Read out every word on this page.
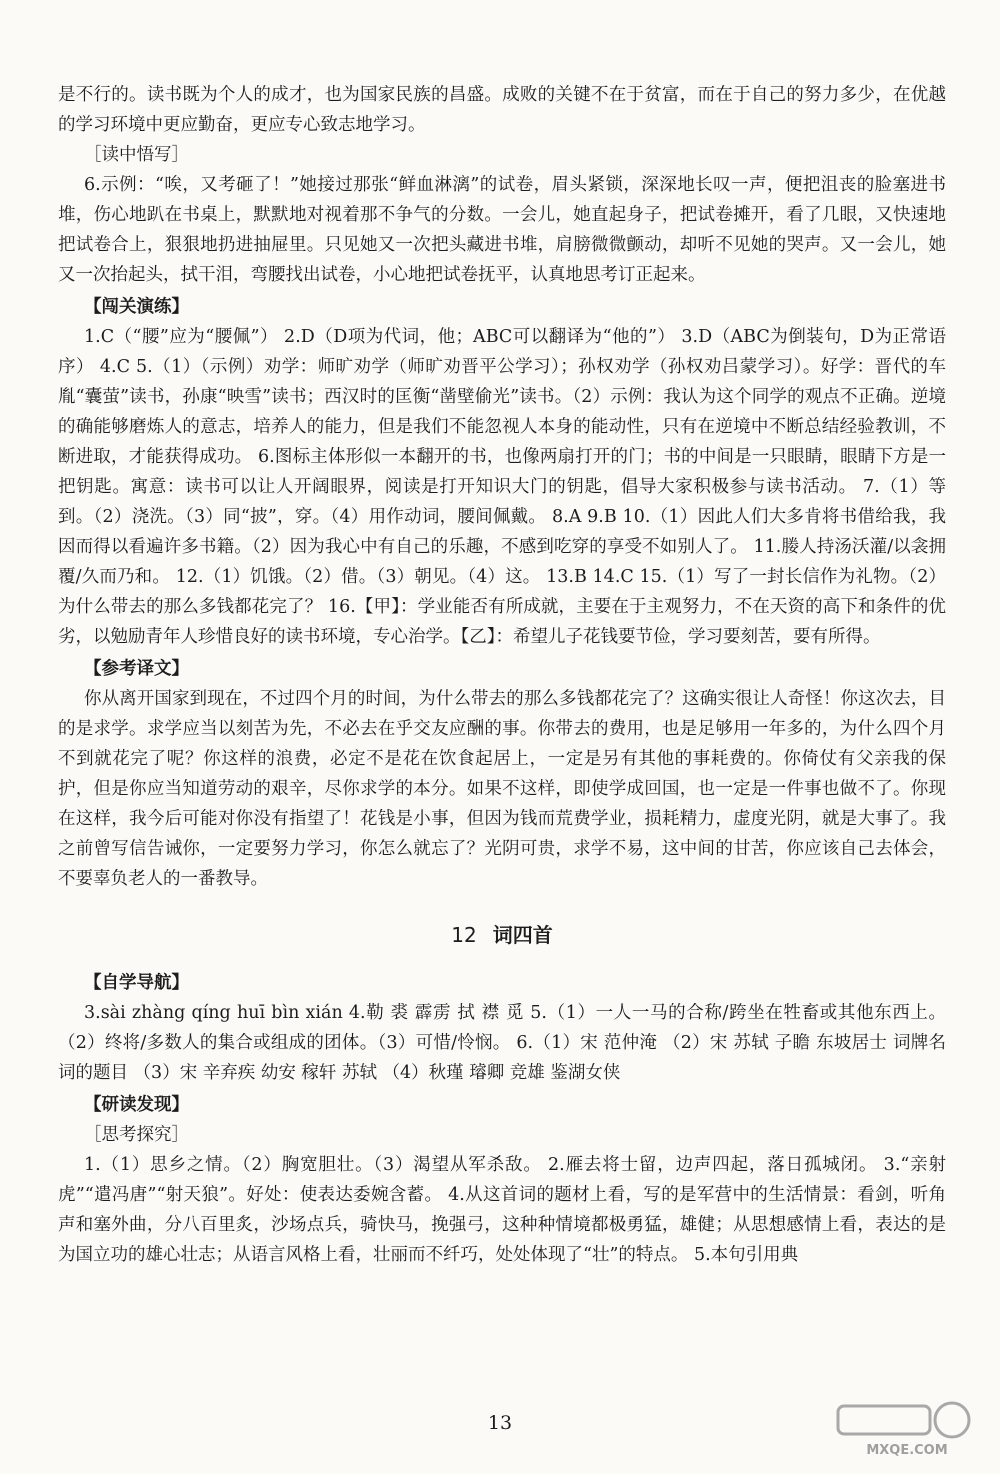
是不行的。读书既为个人的成才，也为国家民族的昌盛。成败的关键不在于贫富，而在于自己的努力多少，在优越的学习环境中更应勤奋，更应专心致志地学习。

［读中悟写］

6.示例：“唉，又考砸了！”她接过那张“鲜血淋漓”的试卷，眉头紧锁，深深地长叹一声，便把沮丧的脸塞进书堆，伤心地趴在书桌上，默默地对视着那不争气的分数。一会儿，她直起身子，把试卷摊开，看了几眼，又快速地把试卷合上，狠狠地扔进抽屉里。只见她又一次把头藏进书堆，肩膀微微颤动，却听不见她的哭声。又一会儿，她又一次抬起头，拭干泪，弯腰找出试卷，小心地把试卷抚平，认真地思考订正起来。

【闯关演练】

1.C（“腰”应为“腰佩”） 2.D（D项为代词，他；ABC可以翻译为“他的”） 3.D（ABC为倒装句，D为正常语序） 4.C 5.（1）（示例）劝学：师旷劝学（师旷劝晋平公学习）；孙权劝学（孙权劝吕蒙学习）。好学：晋代的车胤“囊萤”读书，孙康“映雪”读书；西汉时的匡衡“凿壁偷光”读书。（2）示例：我认为这个同学的观点不正确。逆境的确能够磨炼人的意志，培养人的能力，但是我们不能忽视人本身的能动性，只有在逆境中不断总结经验教训，不断进取，才能获得成功。 6.图标主体形似一本翻开的书，也像两扇打开的门；书的中间是一只眼睛，眼睛下方是一把钥匙。寓意：读书可以让人开阔眼界，阅读是打开知识大门的钥匙，倡导大家积极参与读书活动。 7.（1）等到。（2）浇洗。（3）同“披”，穿。（4）用作动词，腰间佩戴。 8.A 9.B 10.（1）因此人们大多肯将书借给我，我因而得以看遍许多书籍。（2）因为我心中有自己的乐趣，不感到吃穿的享受不如别人了。 11.媵人持汤沃灌/以衾拥覆/久而乃和。 12.（1）饥饿。（2）借。（3）朝见。（4）这。 13.B 14.C 15.（1）写了一封长信作为礼物。（2）为什么带去的那么多钱都花完了？ 16.【甲】：学业能否有所成就，主要在于主观努力，不在天资的高下和条件的优劣，以勉励青年人珍惜良好的读书环境，专心治学。【乙】：希望儿子花钱要节俭，学习要刻苦，要有所得。

【参考译文】

你从离开国家到现在，不过四个月的时间，为什么带去的那么多钱都花完了？这确实很让人奇怪！你这次去，目的是求学。求学应当以刻苦为先，不必去在乎交友应酬的事。你带去的费用，也是足够用一年多的，为什么四个月不到就花完了呢？你这样的浪费，必定不是花在饮食起居上，一定是另有其他的事耗费的。你倚仗有父亲我的保护，但是你应当知道劳动的艰辛，尽你求学的本分。如果不这样，即使学成回国，也一定是一件事也做不了。你现在这样，我今后可能对你没有指望了！花钱是小事，但因为钱而荒费学业，损耗精力，虚度光阴，就是大事了。我之前曾写信告诫你，一定要努力学习，你怎么就忘了？光阴可贵，求学不易，这中间的甘苦，你应该自己去体会，不要辜负老人的一番教导。

12 词四首

【自学导航】

3.sài zhàng qíng huī bìn xián 4.勒 裘 霹雳 拭 襟 觅 5.（1）一人一马的合称/跨坐在牲畜或其他东西上。（2）终将/多数人的集合或组成的团体。（3）可惜/怜悯。 6.（1）宋 范仲淹 （2）宋 苏轼 子瞻 东坡居士 词牌名 词的题目 （3）宋 辛弃疾 幼安 稼轩 苏轼 （4）秋瑾 璿卿 竞雄 鉴湖女侠

【研读发现】

［思考探究］

1.（1）思乡之情。（2）胸宽胆壮。（3）渴望从军杀敌。 2.雁去将士留，边声四起，落日孤城闭。 3.“亲射虎”“遣冯唐”“射天狼”。好处：使表达委婉含蓄。 4.从这首词的题材上看，写的是军营中的生活情景：看剑，听角声和塞外曲，分八百里炙，沙场点兵，骑快马，挽强弓，这种种情境都极勇猛，雄健；从思想感情上看，表达的是为国立功的雄心壮志；从语言风格上看，壮丽而不纤巧，处处体现了“壮”的特点。 5.本句引用典

13
MXQE.COM
